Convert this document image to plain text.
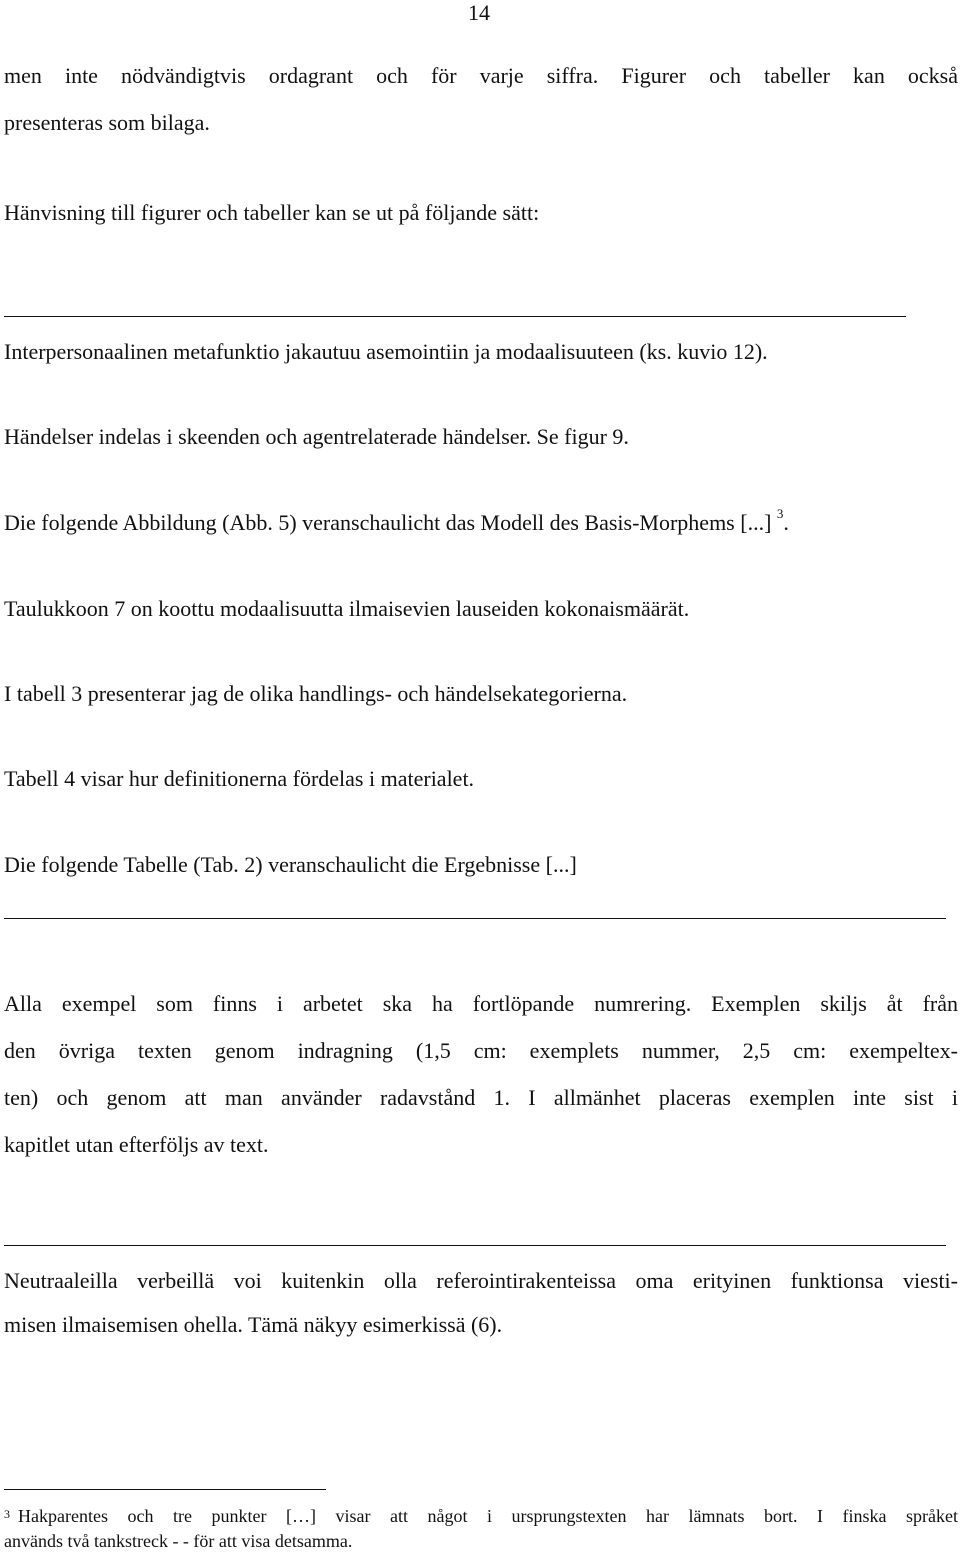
14
men inte nödvändigtvis ordagrant och för varje siffra. Figurer och tabeller kan också
presenteras som bilaga.
Hänvisning till figurer och tabeller kan se ut på följande sätt:
Interpersonaalinen metafunktio jakautuu asemointiin ja modaalisuuteen (ks. kuvio 12).
Händelser indelas i skeenden och agentrelaterade händelser. Se figur 9.
Die folgende Abbildung (Abb. 5) veranschaulicht das Modell des Basis-Morphems [...] $^3$.
Taulukkoon 7 on koottu modaalisuutta ilmaisevien lauseiden kokonaismäärät.
I tabell 3 presenterar jag de olika handlings- och händelsekategorierna.
Tabell 4 visar hur definitionerna fördelas i materialet.
Die folgende Tabelle (Tab. 2) veranschaulicht die Ergebnisse [...]
Alla exempel som finns i arbetet ska ha fortlöpande numrering. Exemplen skiljs åt från
den övriga texten genom indragning (1,5 cm: exemplets nummer, 2,5 cm: exempeltex-
ten) och genom att man använder radavstånd 1. I allmänhet placeras exemplen inte sist i
kapitlet utan efterföljs av text.
Neutraaleilla verbeillä voi kuitenkin olla referointirakenteissa oma erityinen funktionsa viesti-
misen ilmaisemisen ohella. Tämä näkyy esimerkissä (6).
$^3$ Hakparentes och tre punkter […] visar att något i ursprungstexten har lämnats bort. I finska språket
används två tankstreck - - för att visa detsamma.
